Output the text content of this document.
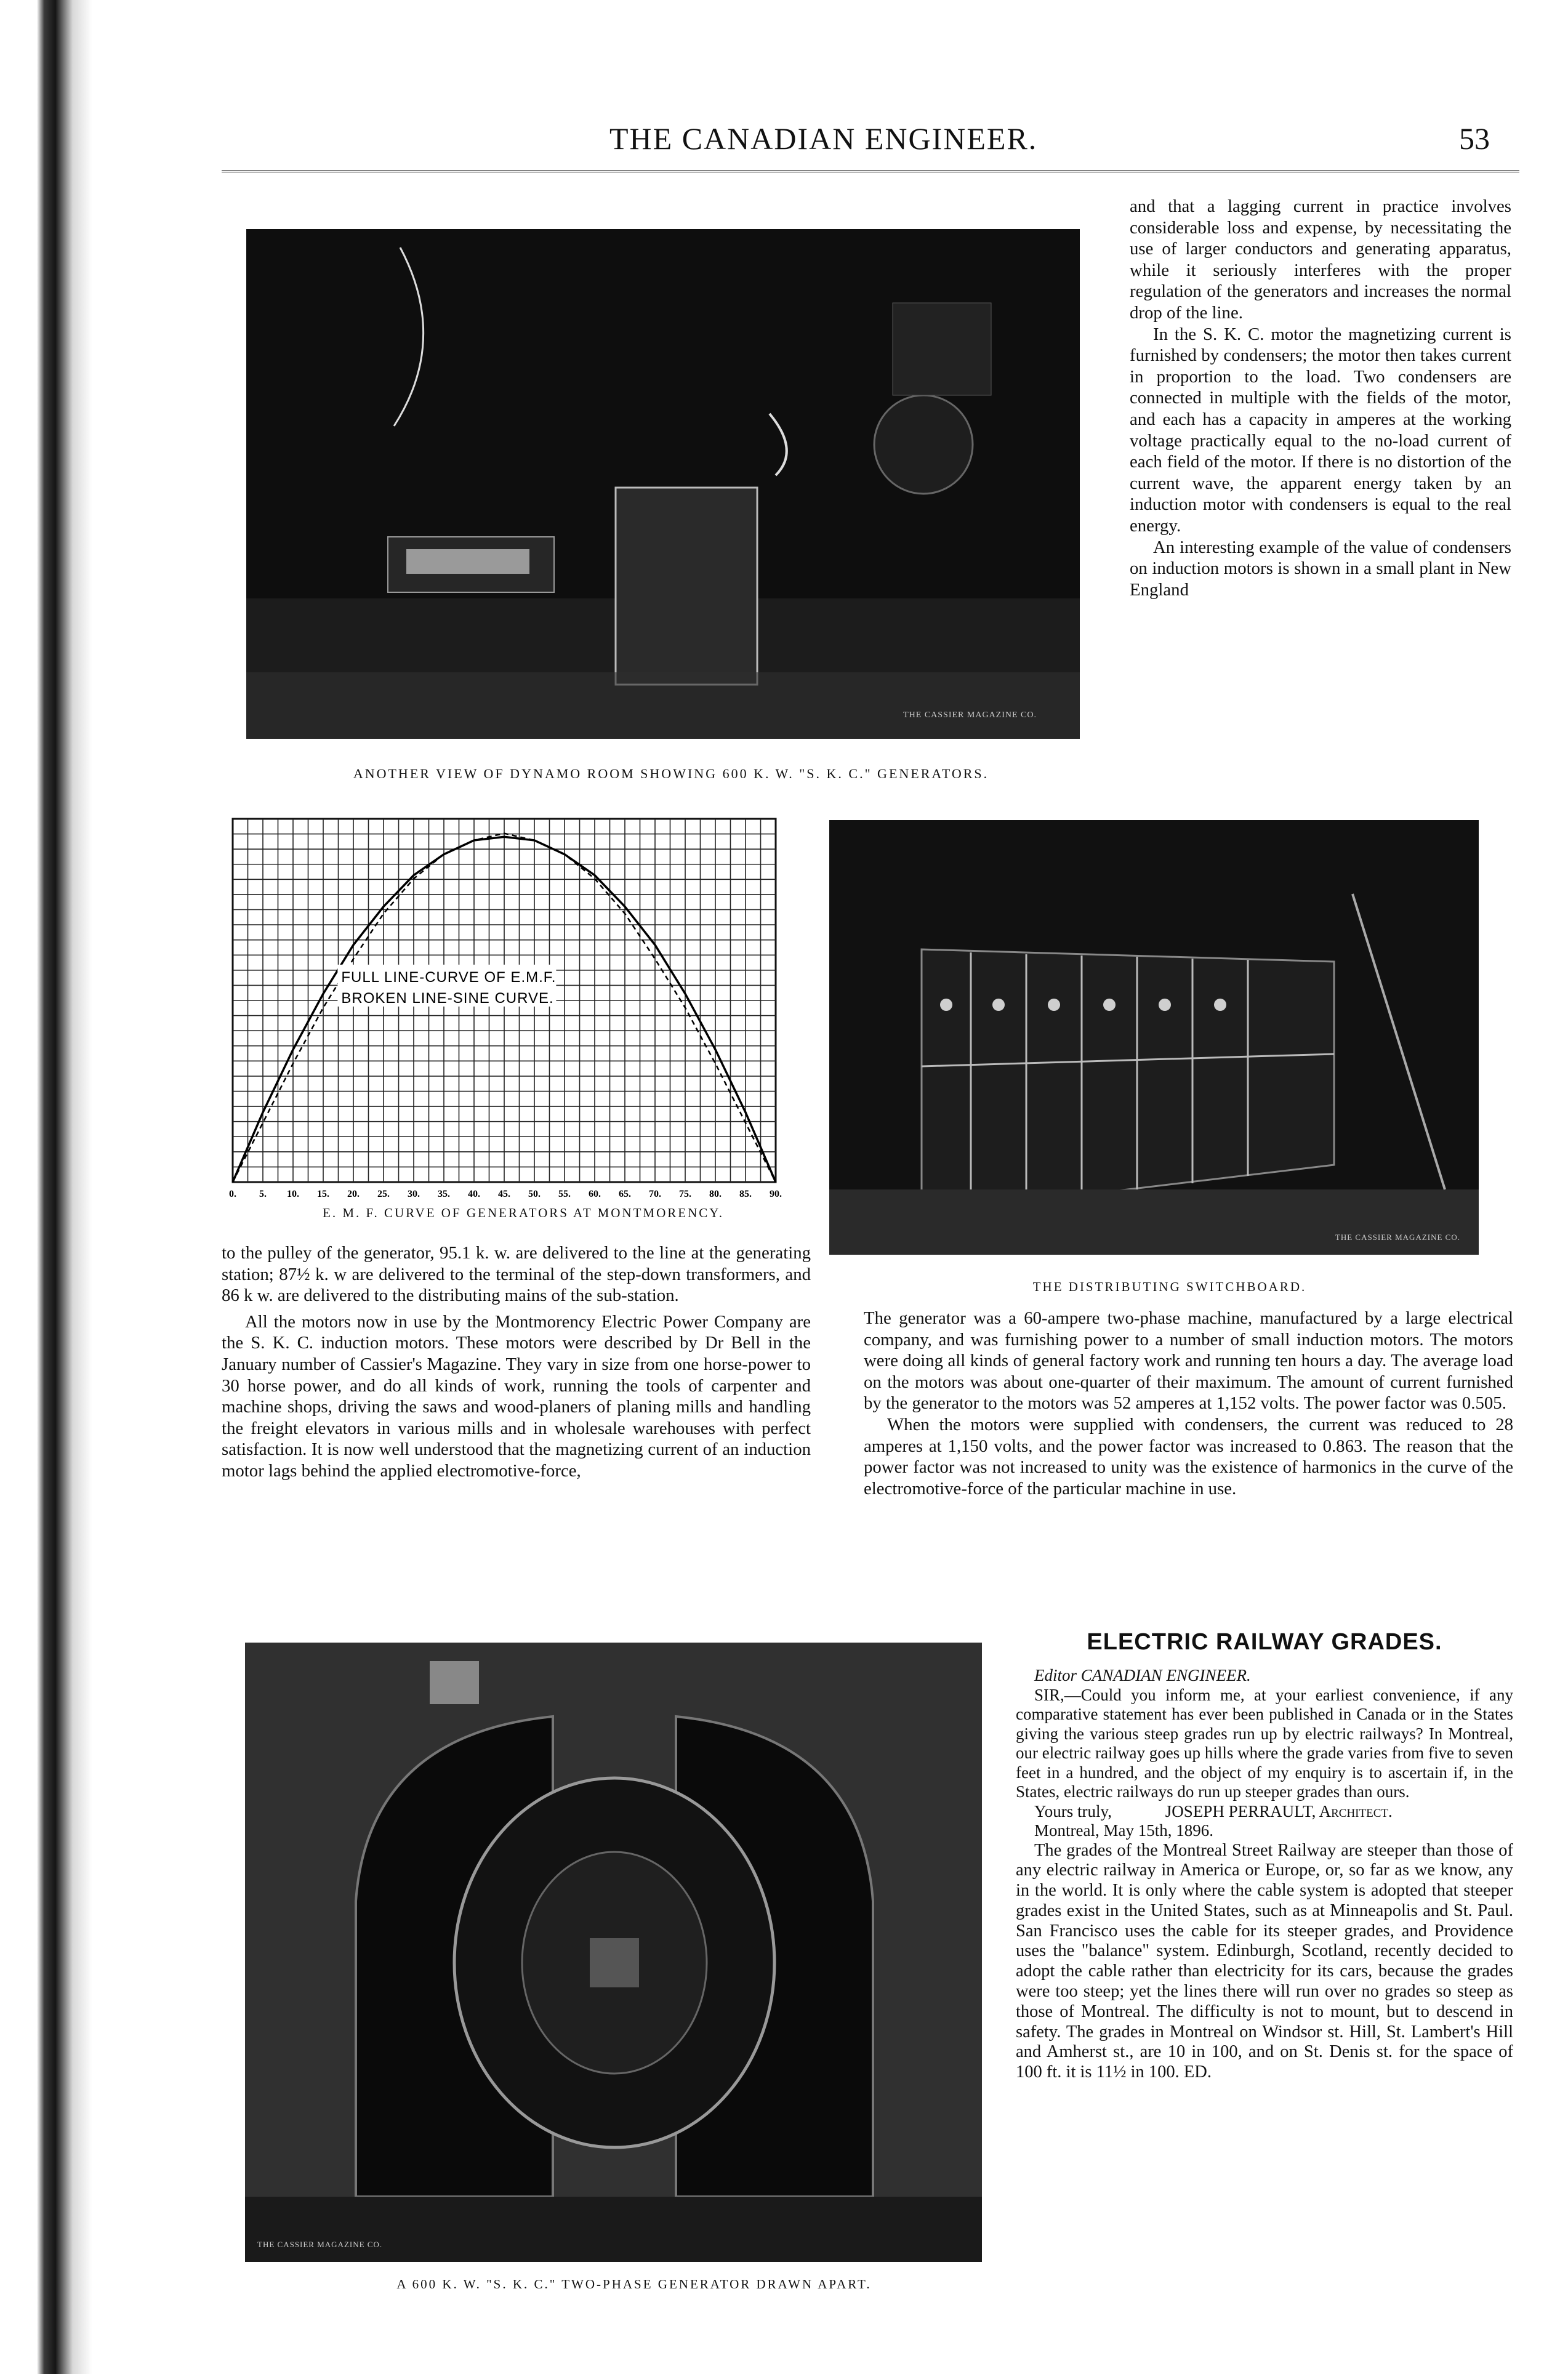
THE CANADIAN ENGINEER.	53
THE CASSIER MAGAZINE CO.
ANOTHER VIEW OF DYNAMO ROOM SHOWING 600 K. W. "S. K. C." GENERATORS.

and that a lagging current in practice involves considerable loss and expense, by necessitating the use of larger conductors and generating apparatus, while it seriously interferes with the proper regulation of the generators and increases the normal drop of the line.

In the S. K. C. motor the magnetizing current is furnished by condensers; the motor then takes current in proportion to the load. Two condensers are connected in multiple with the fields of the motor, and each has a capacity in amperes at the working voltage practically equal to the no-load current of each field of the motor. If there is no distortion of the current wave, the apparent energy taken by an induction motor with condensers is equal to the real energy.

An interesting example of the value of condensers on induction motors is shown in a small plant in New England

FULL LINE-CURVE OF E.M.F.
BROKEN LINE-SINE CURVE.
0. 5. 10. 15. 20. 25. 30. 35. 40. 45. 50. 55. 60. 65. 70. 75. 80. 85. 90.
E. M. F. CURVE OF GENERATORS AT MONTMORENCY.
THE CASSIER MAGAZINE CO.
THE DISTRIBUTING SWITCHBOARD.

to the pulley of the generator, 95.1 k. w. are delivered to the line at the generating station; 87½ k. w are delivered to the terminal of the step-down transformers, and 86 k w. are delivered to the distributing mains of the sub-station.

All the motors now in use by the Montmorency Electric Power Company are the S. K. C. induction motors. These motors were described by Dr Bell in the January number of Cassier's Magazine. They vary in size from one horse-power to 30 horse power, and do all kinds of work, running the tools of carpenter and machine shops, driving the saws and wood-planers of planing mills and handling the freight elevators in various mills and in wholesale warehouses with perfect satisfaction. It is now well understood that the magnetizing current of an induction motor lags behind the applied electromotive-force,

The generator was a 60-ampere two-phase machine, manufactured by a large electrical company, and was furnishing power to a number of small induction motors. The motors were doing all kinds of general factory work and running ten hours a day. The average load on the motors was about one-quarter of their maximum. The amount of current furnished by the generator to the motors was 52 amperes at 1,152 volts. The power factor was 0.505.

When the motors were supplied with condensers, the current was reduced to 28 amperes at 1,150 volts, and the power factor was increased to 0.863. The reason that the power factor was not increased to unity was the existence of harmonics in the curve of the electromotive-force of the particular machine in use.

THE CASSIER MAGAZINE CO.
A 600 K. W. "S. K. C." TWO-PHASE GENERATOR DRAWN APART.
ELECTRIC RAILWAY GRADES.

Editor CANADIAN ENGINEER.

SIR,—Could you inform me, at your earliest convenience, if any comparative statement has ever been published in Canada or in the States giving the various steep grades run up by electric railways? In Montreal, our electric railway goes up hills where the grade varies from five to seven feet in a hundred, and the object of my enquiry is to ascertain if, in the States, electric railways do run up steeper grades than ours.

Yours truly,	JOSEPH PERRAULT, Architect.

Montreal, May 15th, 1896.

The grades of the Montreal Street Railway are steeper than those of any electric railway in America or Europe, or, so far as we know, any in the world. It is only where the cable system is adopted that steeper grades exist in the United States, such as at Minneapolis and St. Paul. San Francisco uses the cable for its steeper grades, and Providence uses the "balance" system. Edinburgh, Scotland, recently decided to adopt the cable rather than electricity for its cars, because the grades were too steep; yet the lines there will run over no grades so steep as those of Montreal. The difficulty is not to mount, but to descend in safety. The grades in Montreal on Windsor st. Hill, St. Lambert's Hill and Amherst st., are 10 in 100, and on St. Denis st. for the space of 100 ft. it is 11½ in 100. ED.
